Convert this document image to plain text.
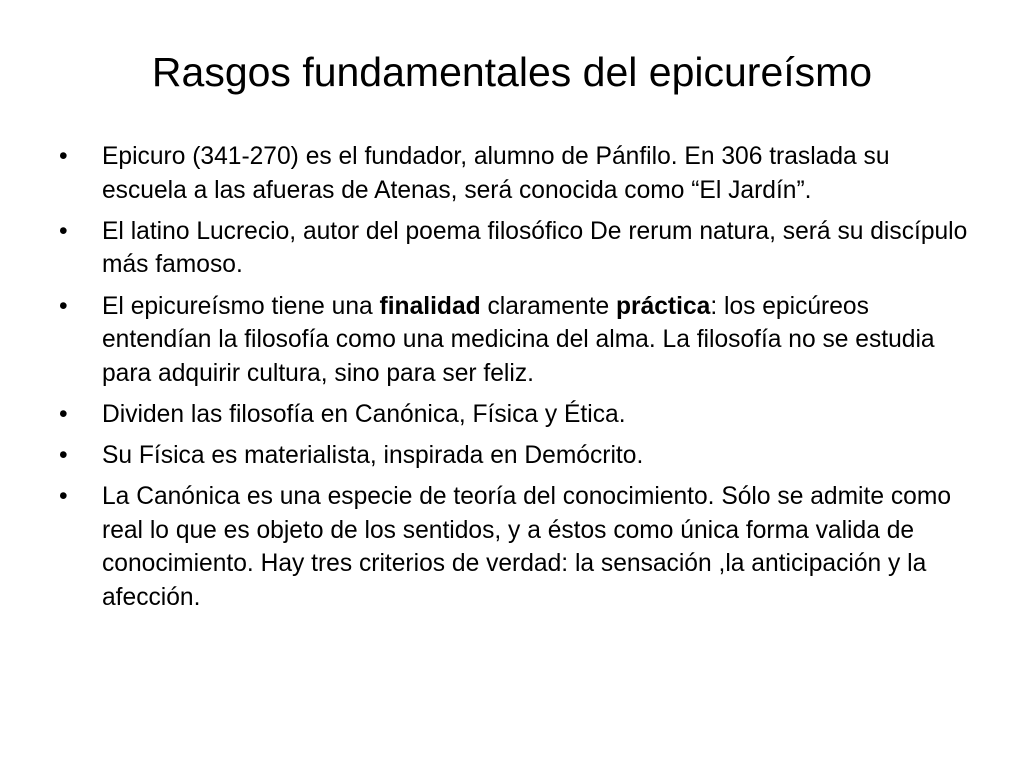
Rasgos fundamentales del epicureísmo
•	Epicuro (341-270) es el fundador, alumno de Pánfilo. En 306 traslada su escuela a las afueras de Atenas, será conocida como “El Jardín”.
•	El latino Lucrecio, autor del poema filosófico De rerum natura, será su discípulo más famoso.
•	El epicureísmo tiene una finalidad claramente práctica: los epicúreos entendían la filosofía como una medicina del alma. La filosofía no se estudia para adquirir cultura, sino para ser feliz.
•	Dividen las filosofía en Canónica, Física y Ética.
•	Su Física es materialista, inspirada en Demócrito.
•	La Canónica es una especie de teoría del conocimiento. Sólo se admite como real lo que es objeto de los sentidos, y a éstos como única forma valida de conocimiento. Hay tres criterios de verdad: la sensación ,la anticipación y la afección.
